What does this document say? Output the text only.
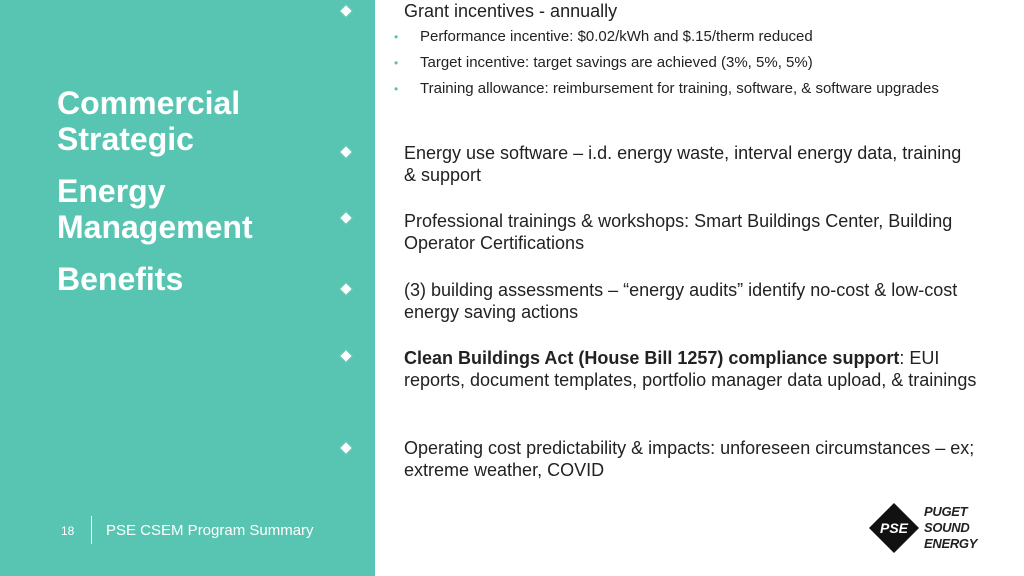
Commercial
Strategic
Energy
Management
Benefits
18 PSE CSEM Program Summary
Grant incentives - annually
• Performance incentive: $0.02/kWh and $.15/therm reduced
• Target incentive: target savings are achieved (3%, 5%, 5%)
• Training allowance: reimbursement for training, software, & software upgrades
Energy use software – i.d. energy waste, interval energy data, training & support
Professional trainings & workshops: Smart Buildings Center, Building Operator Certifications
(3) building assessments – “energy audits” identify no-cost & low-cost energy saving actions
Clean Buildings Act (House Bill 1257) compliance support: EUI reports, document templates, portfolio manager data upload, & trainings
Operating cost predictability & impacts: unforeseen circumstances – ex; extreme weather, COVID
PSE
PUGET
SOUND
ENERGY
